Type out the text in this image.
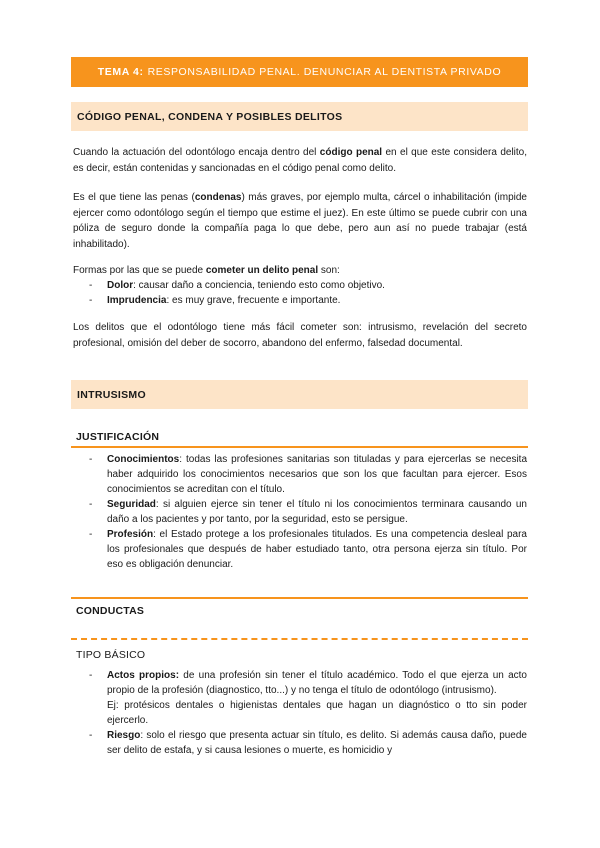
TEMA 4: RESPONSABILIDAD PENAL. DENUNCIAR AL DENTISTA PRIVADO
CÓDIGO PENAL, CONDENA Y POSIBLES DELITOS

Cuando la actuación del odontólogo encaja dentro del código penal en el que este considera delito, es decir, están contenidas y sancionadas en el código penal como delito.

Es el que tiene las penas (condenas) más graves, por ejemplo multa, cárcel o inhabilitación (impide ejercer como odontólogo según el tiempo que estime el juez). En este último se puede cubrir con una póliza de seguro donde la compañía paga lo que debe, pero aun así no puede trabajar (está inhabilitado).

Formas por las que se puede cometer un delito penal son:

- Dolor: causar daño a conciencia, teniendo esto como objetivo.
- Imprudencia: es muy grave, frecuente e importante.

Los delitos que el odontólogo tiene más fácil cometer son: intrusismo, revelación del secreto profesional, omisión del deber de socorro, abandono del enfermo, falsedad documental.

INTRUSISMO
JUSTIFICACIÓN
- Conocimientos: todas las profesiones sanitarias son tituladas y para ejercerlas se necesita haber adquirido los conocimientos necesarios que son los que facultan para ejercer. Esos conocimientos se acreditan con el título.
- Seguridad: si alguien ejerce sin tener el título ni los conocimientos terminara causando un daño a los pacientes y por tanto, por la seguridad, esto se persigue.
- Profesión: el Estado protege a los profesionales titulados. Es una competencia desleal para los profesionales que después de haber estudiado tanto, otra persona ejerza sin título. Por eso es obligación denunciar.
CONDUCTAS
TIPO BÁSICO
- Actos propios: de una profesión sin tener el título académico. Todo el que ejerza un acto propio de la profesión (diagnostico, tto...) y no tenga el título de odontólogo (intrusismo).
Ej: protésicos dentales o higienistas dentales que hagan un diagnóstico o tto sin poder ejercerlo.
- Riesgo: solo el riesgo que presenta actuar sin título, es delito. Si además causa daño, puede ser delito de estafa, y si causa lesiones o muerte, es homicidio y
